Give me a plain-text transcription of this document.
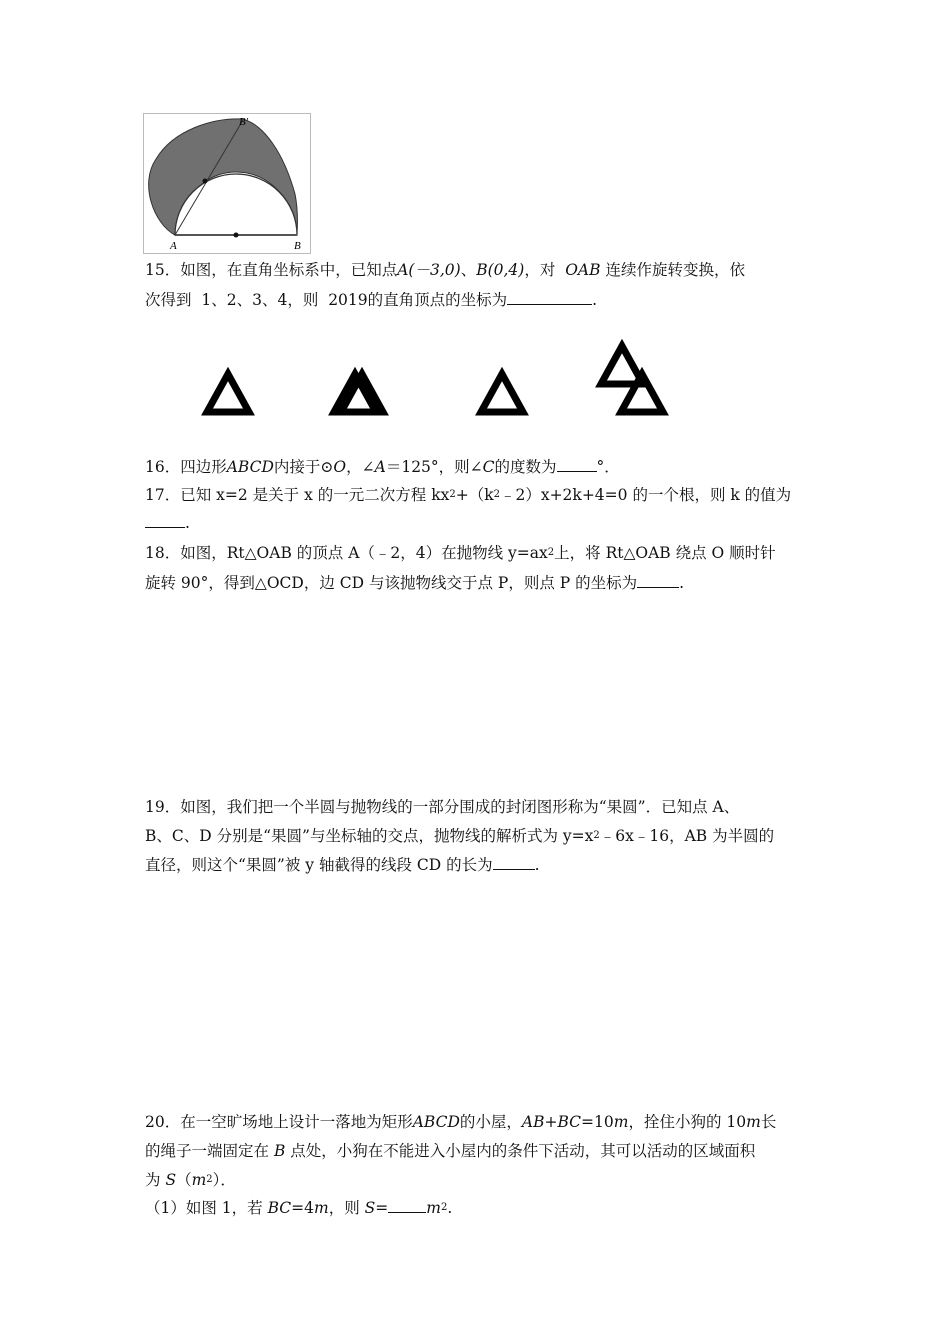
B'
A	B
15．如图，在直角坐标系中，已知点A(－3,0)、B(0,4)，对 OAB 连续作旋转变换，依
次得到 1、2、3、4，则 2019的直角顶点的坐标为	.
16．四边形ABCD内接于⊙O，∠A＝125°，则∠C的度数为	°．
17．已知 x=2 是关于 x 的一元二次方程 $kx^2+(k^2﹣2)x+2k+4=0$ 的一个根，则 k 的值为
.
18．如图，Rt△OAB 的顶点 A（﹣2，4）在抛物线 $y=ax^2$上，将 Rt△OAB 绕点 O 顺时针
旋转 90°，得到△OCD，边 CD 与该抛物线交于点 P，则点 P 的坐标为	.
19．如图，我们把一个半圆与抛物线的一部分围成的封闭图形称为“果圆”．已知点 A、
B、C、D 分别是“果圆”与坐标轴的交点，抛物线的解析式为 $y=x^2﹣6x﹣16$，AB 为半圆的
直径，则这个“果圆”被 y 轴截得的线段 CD 的长为	.
20．在一空旷场地上设计一落地为矩形ABCD的小屋，AB+BC=10m，拴住小狗的 10m长
的绳子一端固定在 B 点处，小狗在不能进入小屋内的条件下活动，其可以活动的区域面积
为 $S(m^2)$．
（1）如图 1，若 BC=4m，则 $S= m^2$.
